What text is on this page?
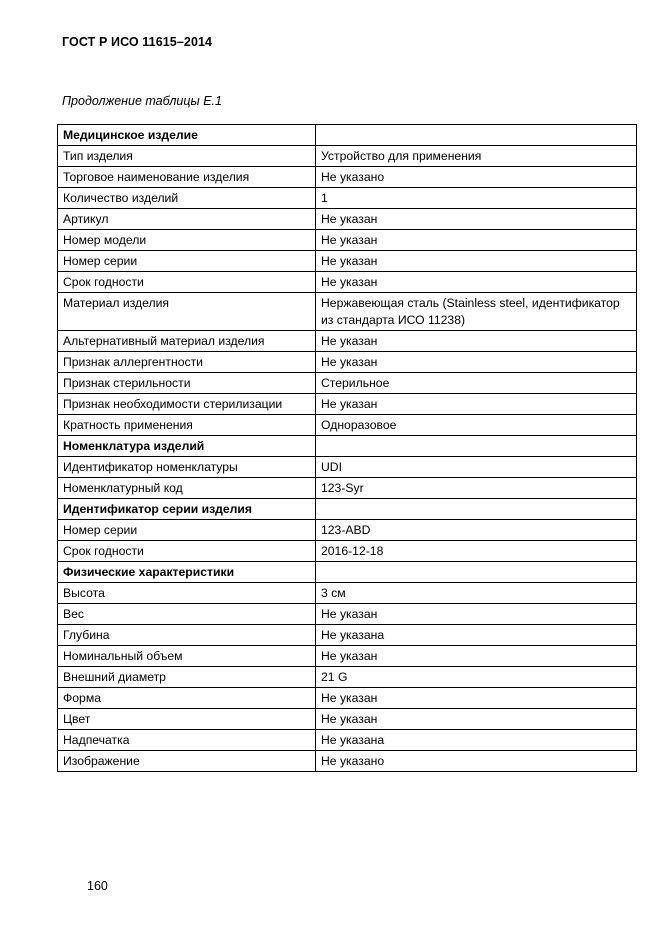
ГОСТ Р ИСО 11615–2014
Продолжение таблицы Е.1
Медицинское изделие	
Тип изделия	Устройство для применения
Торговое наименование изделия	Не указано
Количество изделий	1
Артикул	Не указан
Номер модели	Не указан
Номер серии	Не указан
Срок годности	Не указан
Материал изделия	Нержавеющая сталь (Stainless steel, идентификатор из стандарта ИСО 11238)
Альтернативный материал изделия	Не указан
Признак аллергентности	Не указан
Признак стерильности	Стерильное
Признак необходимости стерилизации	Не указан
Кратность применения	Одноразовое
Номенклатура изделий	
Идентификатор номенклатуры	UDI
Номенклатурный код	123-Syr
Идентификатор серии изделия	
Номер серии	123-ABD
Срок годности	2016-12-18
Физические характеристики	
Высота	3 см
Вес	Не указан
Глубина	Не указана
Номинальный объем	Не указан
Внешний диаметр	21 G
Форма	Не указан
Цвет	Не указан
Надпечатка	Не указана
Изображение	Не указано
160
